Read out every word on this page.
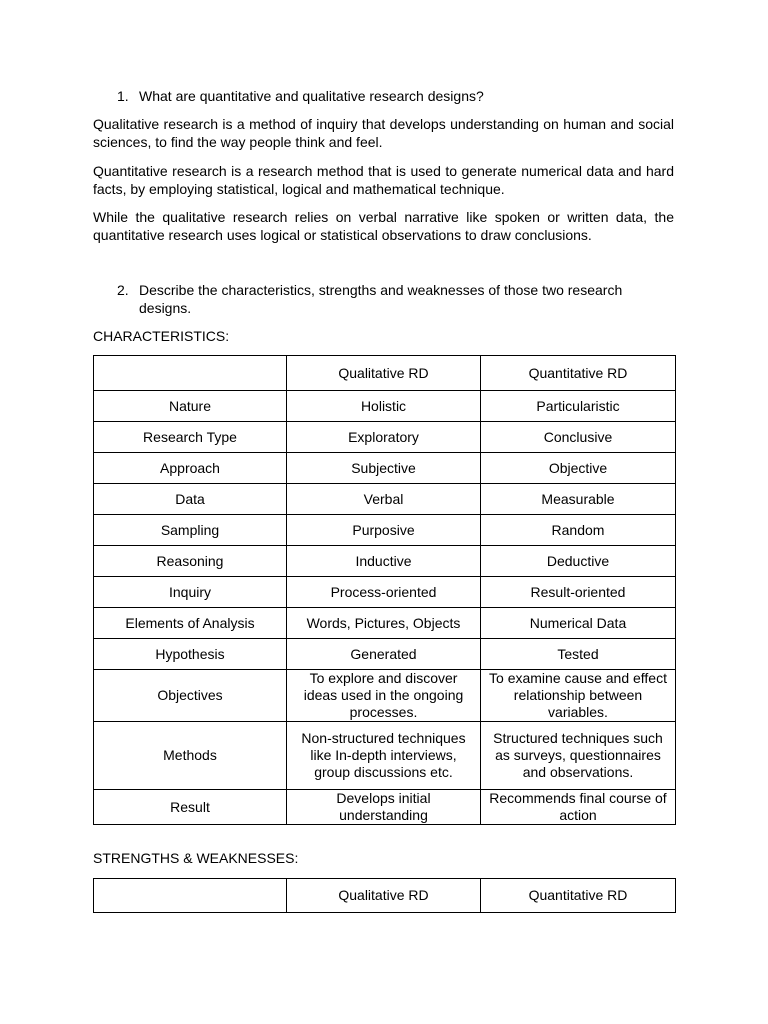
1. What are quantitative and qualitative research designs?
Qualitative research is a method of inquiry that develops understanding on human and social sciences, to find the way people think and feel.
Quantitative research is a research method that is used to generate numerical data and hard facts, by employing statistical, logical and mathematical technique.
While the qualitative research relies on verbal narrative like spoken or written data, the quantitative research uses logical or statistical observations to draw conclusions.
2. Describe the characteristics, strengths and weaknesses of those two research designs.
CHARACTERISTICS:
	Qualitative RD	Quantitative RD
Nature	Holistic	Particularistic
Research Type	Exploratory	Conclusive
Approach	Subjective	Objective
Data	Verbal	Measurable
Sampling	Purposive	Random
Reasoning	Inductive	Deductive
Inquiry	Process-oriented	Result-oriented
Elements of Analysis	Words, Pictures, Objects	Numerical Data
Hypothesis	Generated	Tested
Objectives	To explore and discover ideas used in the ongoing processes.	To examine cause and effect relationship between variables.
Methods	Non-structured techniques like In-depth interviews, group discussions etc.	Structured techniques such as surveys, questionnaires and observations.
Result	Develops initial understanding	Recommends final course of action
STRENGTHS & WEAKNESSES:
	Qualitative RD	Quantitative RD
